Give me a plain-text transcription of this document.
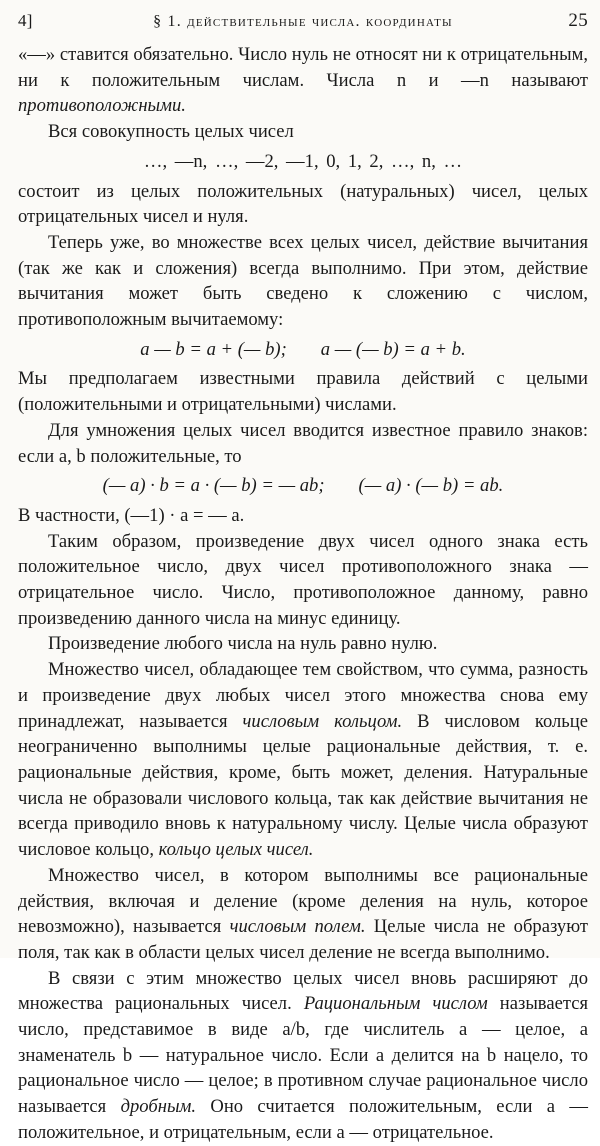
4]	§ 1. действительные числа. координаты	25

«—» ставится обязательно. Число нуль не относят ни к отрицательным, ни к положительным числам. Числа n и —n называют противоположными.

Вся совокупность целых чисел

…, —n, …, —2, —1, 0, 1, 2, …, n, …

состоит из целых положительных (натуральных) чисел, целых отрицательных чисел и нуля.

Теперь уже, во множестве всех целых чисел, действие вычитания (так же как и сложения) всегда выполнимо. При этом, действие вычитания может быть сведено к сложению с числом, противоположным вычитаемому:

a — b = a + (— b); a — (— b) = a + b.

Мы предполагаем известными правила действий с целыми (положительными и отрицательными) числами.

Для умножения целых чисел вводится известное правило знаков: если a, b положительные, то

(— a) · b = a · (— b) = — ab; (— a) · (— b) = ab.

В частности, (—1) · a = — a.

Таким образом, произведение двух чисел одного знака есть положительное число, двух чисел противоположного знака — отрицательное число. Число, противоположное данному, равно произведению данного числа на минус единицу.

Произведение любого числа на нуль равно нулю.

Множество чисел, обладающее тем свойством, что сумма, разность и произведение двух любых чисел этого множества снова ему принадлежат, называется числовым кольцом. В числовом кольце неограниченно выполнимы целые рациональные действия, т. е. рациональные действия, кроме, быть может, деления. Натуральные числа не образовали числового кольца, так как действие вычитания не всегда приводило вновь к натуральному числу. Целые числа образуют числовое кольцо, кольцо целых чисел.

Множество чисел, в котором выполнимы все рациональные действия, включая и деление (кроме деления на нуль, которое невозможно), называется числовым полем. Целые числа не образуют поля, так как в области целых чисел деление не всегда выполнимо.

В связи с этим множество целых чисел вновь расширяют до множества рациональных чисел. Рациональным числом называется число, представимое в виде a/b, где числитель a — целое, а знаменатель b — натуральное число. Если a делится на b нацело, то рациональное число — целое; в противном случае рациональное число называется дробным. Оно считается положительным, если a — положительное, и отрицательным, если a — отрицательное.
